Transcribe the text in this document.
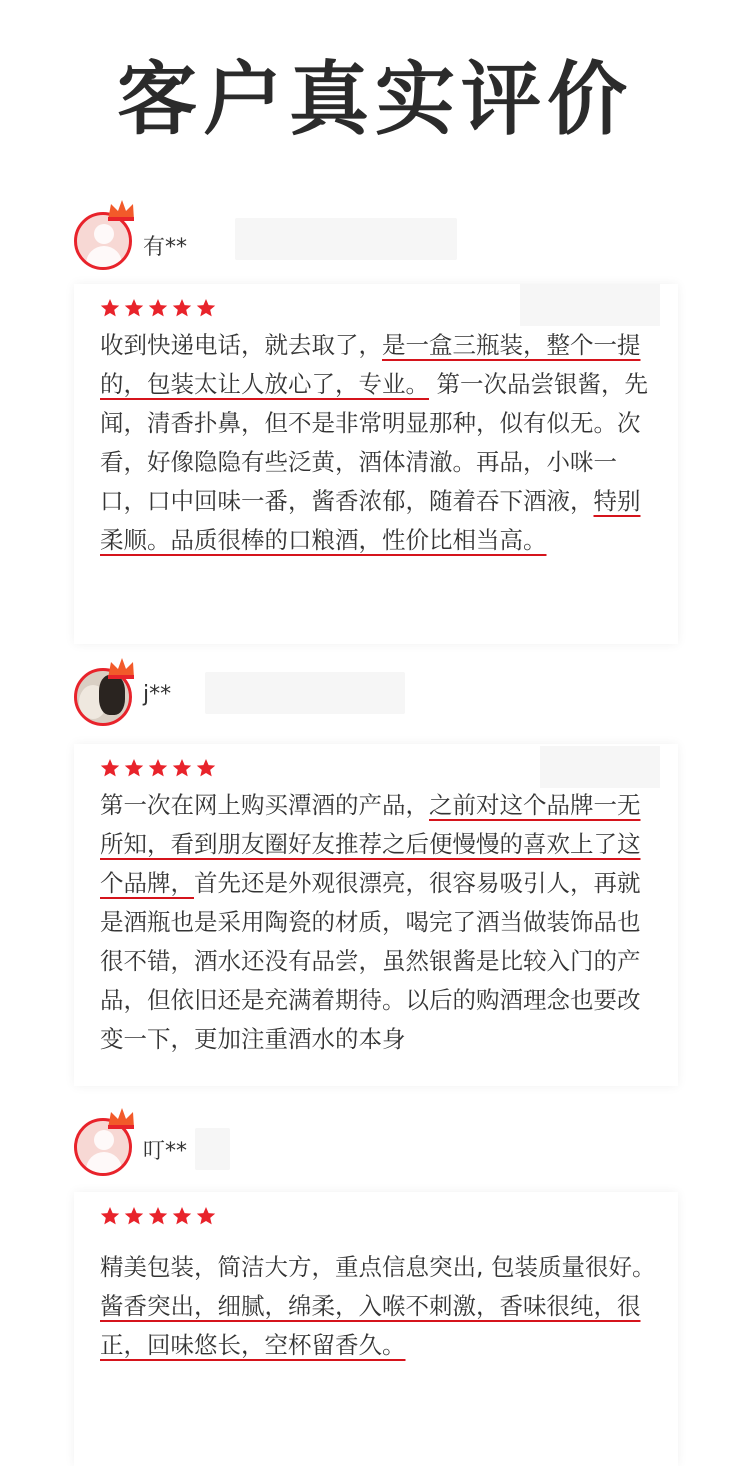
客户真实评价
有**
收到快递电话，就去取了，是一盒三瓶装，整个一提的，包装太让人放心了，专业。 第一次品尝银酱，先闻，清香扑鼻，但不是非常明显那种，似有似无。次看，好像隐隐有些泛黄，酒体清澈。再品，小咪一口，口中回味一番，酱香浓郁，随着吞下酒液，特别柔顺。品质很棒的口粮酒，性价比相当高。
j**
第一次在网上购买潭酒的产品，之前对这个品牌一无所知，看到朋友圈好友推荐之后便慢慢的喜欢上了这个品牌，首先还是外观很漂亮，很容易吸引人，再就是酒瓶也是采用陶瓷的材质，喝完了酒当做装饰品也很不错，酒水还没有品尝，虽然银酱是比较入门的产品，但依旧还是充满着期待。以后的购酒理念也要改变一下，更加注重酒水的本身
叮**
精美包装，简洁大方，重点信息突出, 包装质量很好。酱香突出，细腻，绵柔，入喉不刺激，香味很纯，很正，回味悠长，空杯留香久。
